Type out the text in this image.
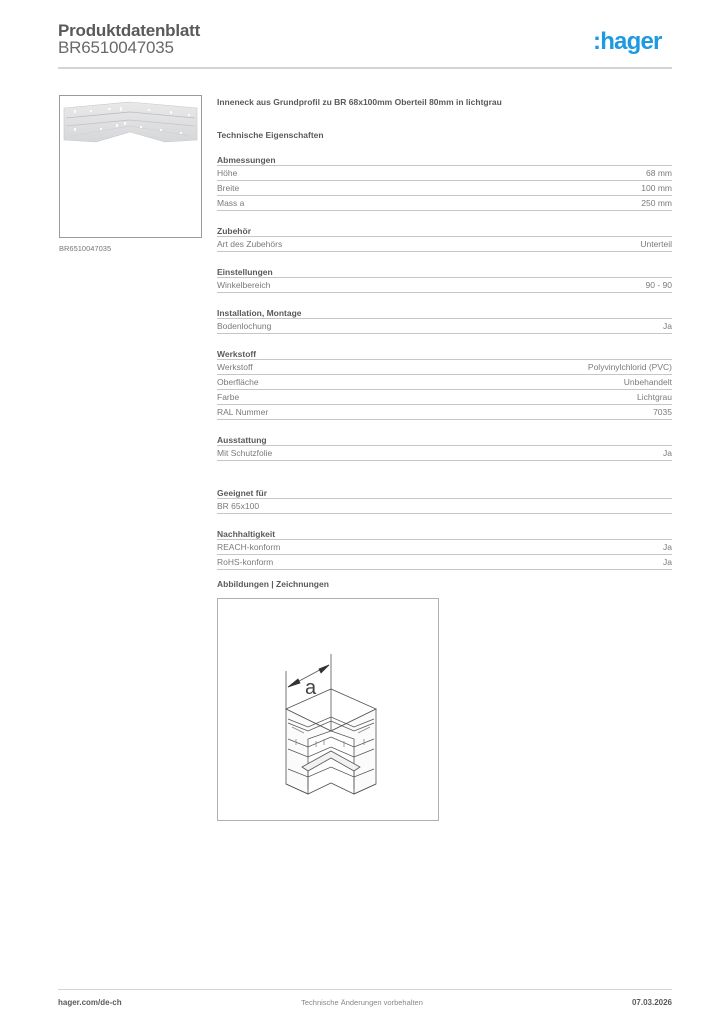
Produktdatenblatt
BR6510047035	:hager
BR6510047035
Inneneck aus Grundprofil zu BR 68x100mm Oberteil 80mm in lichtgrau
Technische Eigenschaften
Abmessungen
Höhe	68 mm
Breite	100 mm
Mass a	250 mm
Zubehör
Art des Zubehörs	Unterteil
Einstellungen
Winkelbereich	90 - 90
Installation, Montage
Bodenlochung	Ja
Werkstoff
Werkstoff	Polyvinylchlorid (PVC)
Oberfläche	Unbehandelt
Farbe	Lichtgrau
RAL Nummer	7035
Ausstattung
Mit Schutzfolie	Ja
Geeignet für
BR 65x100
Nachhaltigkeit
REACH-konform	Ja
RoHS-konform	Ja
Abbildungen | Zeichnungen
a
hager.com/de-ch	Technische Änderungen vorbehalten	07.03.2026
